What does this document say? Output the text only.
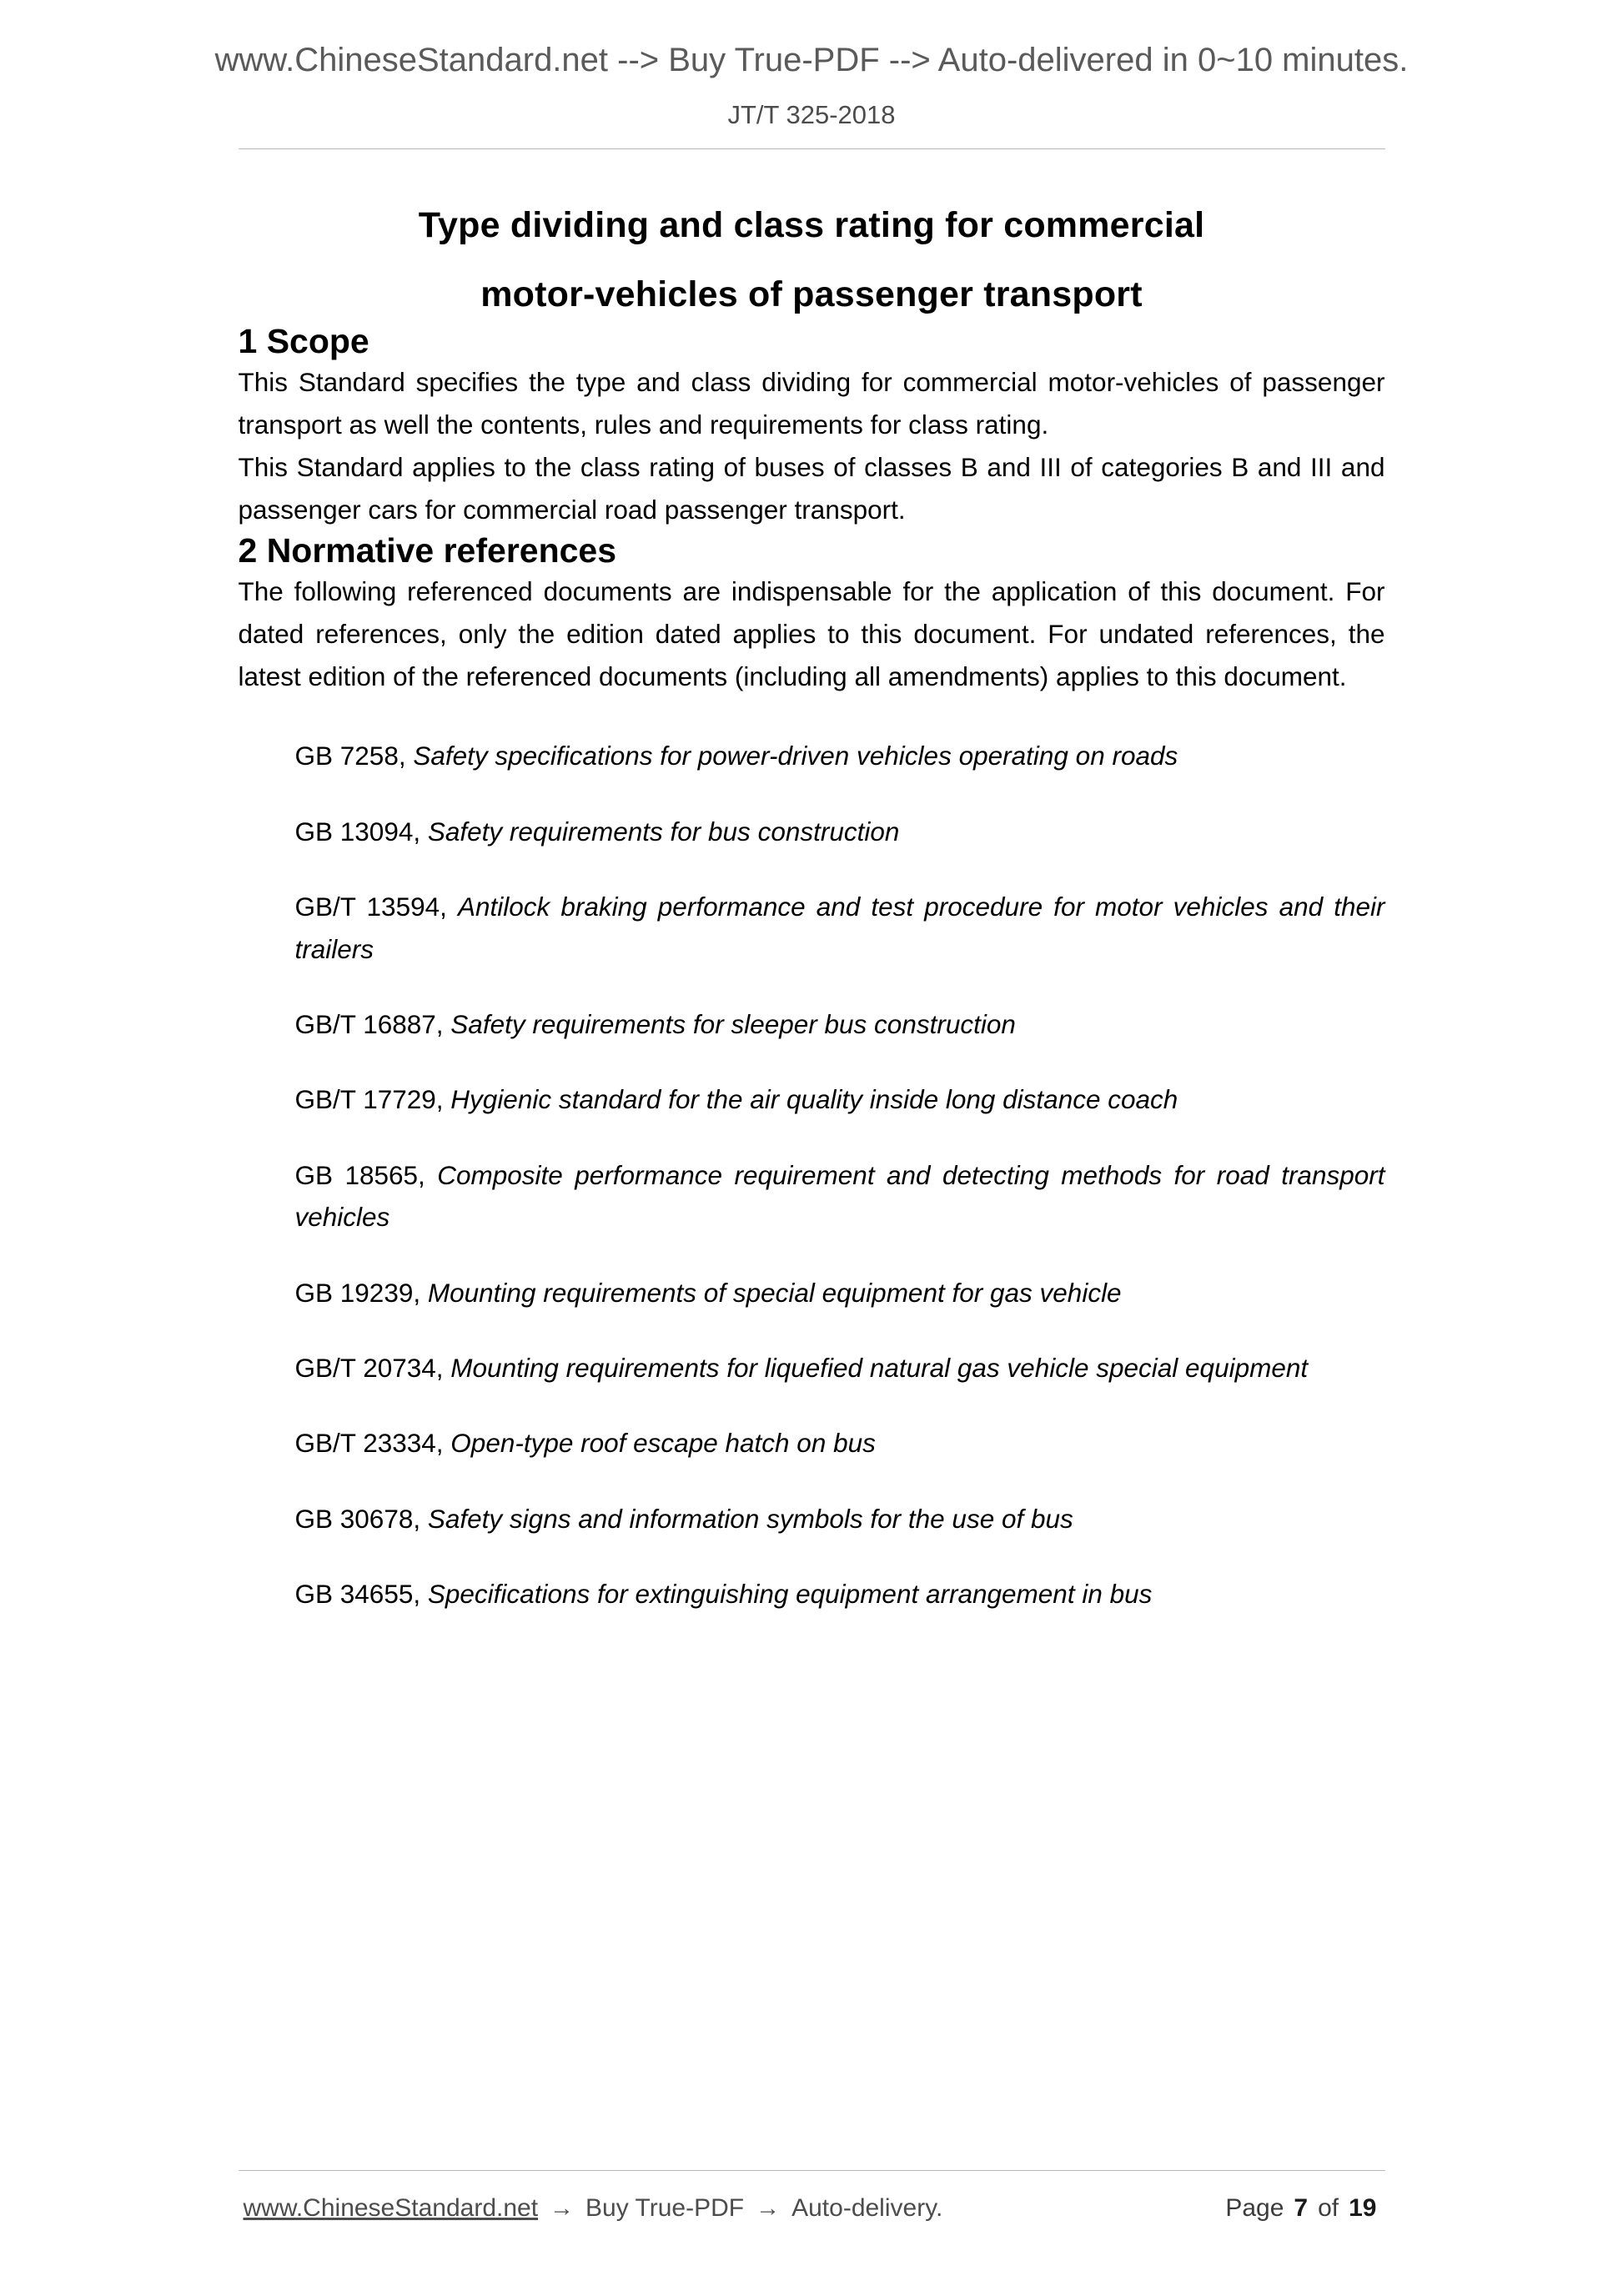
www.ChineseStandard.net --> Buy True-PDF --> Auto-delivered in 0~10 minutes.
JT/T 325-2018
Type dividing and class rating for commercial
motor-vehicles of passenger transport
1 Scope

This Standard specifies the type and class dividing for commercial motor-vehicles of passenger transport as well the contents, rules and requirements for class rating.

This Standard applies to the class rating of buses of classes B and III of categories B and III and passenger cars for commercial road passenger transport.

2 Normative references

The following referenced documents are indispensable for the application of this document. For dated references, only the edition dated applies to this document. For undated references, the latest edition of the referenced documents (including all amendments) applies to this document.

GB 7258, Safety specifications for power-driven vehicles operating on roads

GB 13094, Safety requirements for bus construction

GB/T 13594, Antilock braking performance and test procedure for motor vehicles and their trailers

GB/T 16887, Safety requirements for sleeper bus construction

GB/T 17729, Hygienic standard for the air quality inside long distance coach

GB 18565, Composite performance requirement and detecting methods for road transport vehicles

GB 19239, Mounting requirements of special equipment for gas vehicle

GB/T 20734, Mounting requirements for liquefied natural gas vehicle special equipment

GB/T 23334, Open-type roof escape hatch on bus

GB 30678, Safety signs and information symbols for the use of bus

GB 34655, Specifications for extinguishing equipment arrangement in bus

www.ChineseStandard.net → Buy True-PDF → Auto-delivery.	Page 7 of 19
